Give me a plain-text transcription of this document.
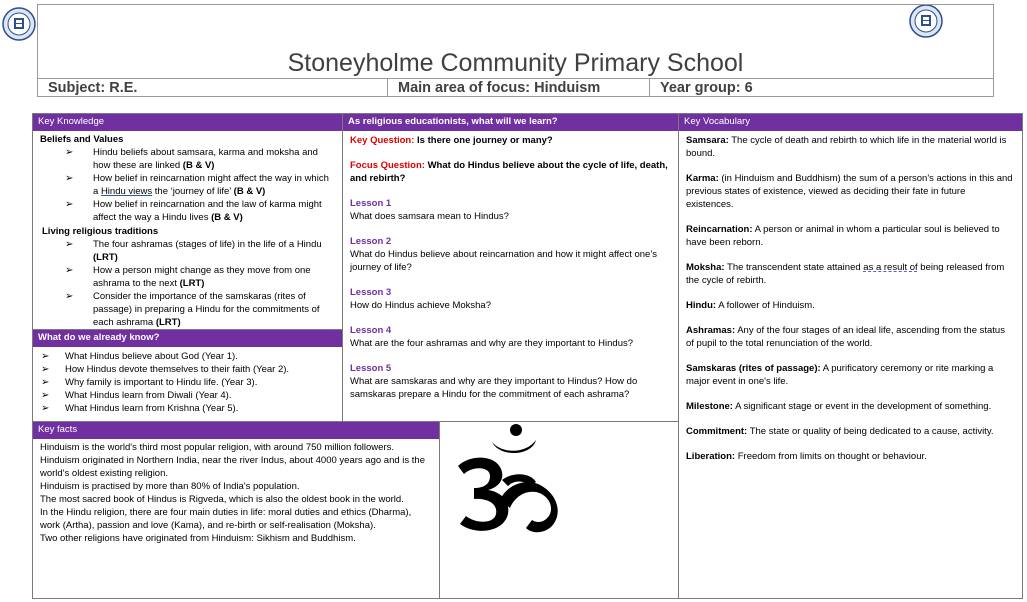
Stoneyholme Community Primary School
Subject: R.E.	Main area of focus: Hinduism	Year group: 6
Key Knowledge
Beliefs and Values
➢ Hindu beliefs about samsara, karma and moksha and how these are linked (B & V)
➢ How belief in reincarnation might affect the way in which a Hindu views the ‘journey of life’ (B & V)
➢ How belief in reincarnation and the law of karma might affect the way a Hindu lives (B & V)
Living religious traditions
➢ The four ashramas (stages of life) in the life of a Hindu (LRT)
➢ How a person might change as they move from one ashrama to the next (LRT)
➢ Consider the importance of the samskaras (rites of passage) in preparing a Hindu for the commitments of each ashrama (LRT)
What do we already know?
➢ What Hindus believe about God (Year 1).
➢ How Hindus devote themselves to their faith (Year 2).
➢ Why family is important to Hindu life. (Year 3).
➢ What Hindus learn from Diwali (Year 4).
➢ What Hindus learn from Krishna (Year 5).
As religious educationists, what will we learn?
Key Question: Is there one journey or many?
Focus Question: What do Hindus believe about the cycle of life, death, and rebirth?
Lesson 1
What does samsara mean to Hindus?
Lesson 2
What do Hindus believe about reincarnation and how it might affect one’s journey of life?
Lesson 3
How do Hindus achieve Moksha?
Lesson 4
What are the four ashramas and why are they important to Hindus?
Lesson 5
What are samskaras and why are they important to Hindus? How do samskaras prepare a Hindu for the commitment of each ashrama?
Key Vocabulary
Samsara: The cycle of death and rebirth to which life in the material world is bound.
Karma: (in Hinduism and Buddhism) the sum of a person's actions in this and previous states of existence, viewed as deciding their fate in future existences.
Reincarnation: A person or animal in whom a particular soul is believed to have been reborn.
Moksha: The transcendent state attained as a result of being released from the cycle of rebirth.
Hindu: A follower of Hinduism.
Ashramas: Any of the four stages of an ideal life, ascending from the status of pupil to the total renunciation of the world.
Samskaras (rites of passage): A purificatory ceremony or rite marking a major event in one's life.
Milestone: A significant stage or event in the development of something.
Commitment: The state or quality of being dedicated to a cause, activity.
Liberation: Freedom from limits on thought or behaviour.
Key facts
Hinduism is the world's third most popular religion, with around 750 million followers.
Hinduism originated in Northern India, near the river Indus, about 4000 years ago and is the world's oldest existing religion.
Hinduism is practised by more than 80% of India's population.
The most sacred book of Hindus is Rigveda, which is also the oldest book in the world.
In the Hindu religion, there are four main duties in life: moral duties and ethics (Dharma), work (Artha), passion and love (Kama), and re-birth or self-realisation (Moksha).
Two other religions have originated from Hinduism: Sikhism and Buddhism.
